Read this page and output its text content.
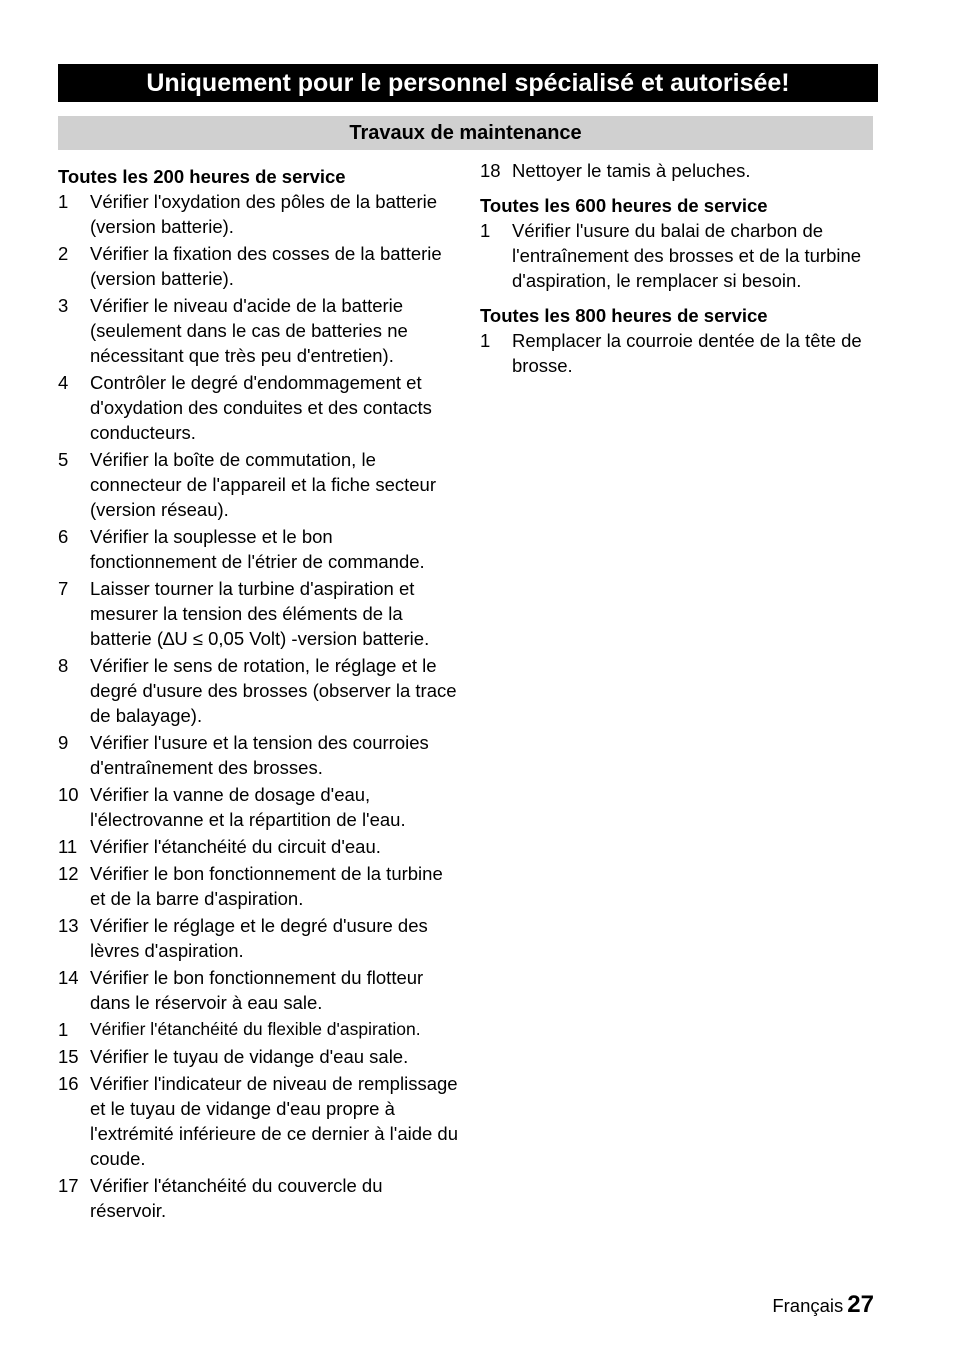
Uniquement pour le personnel spécialisé et autorisée!
Travaux de maintenance

Toutes les 200 heures de service

1	Vérifier l'oxydation des pôles de la batterie (version batterie).
2	Vérifier la fixation des cosses de la batterie (version batterie).
3	Vérifier le niveau d'acide de la batterie (seulement dans le cas de batteries ne nécessitant que très peu d'entretien).
4	Contrôler le degré d'endommagement et d'oxydation des conduites et des contacts conducteurs.
5	Vérifier la boîte de commutation, le connecteur de l'appareil et la fiche secteur (version réseau).
6	Vérifier la souplesse et le bon fonctionnement de l'étrier de commande.
7	Laisser tourner la turbine d'aspiration et mesurer la tension des éléments de la batterie (∆U ≤ 0,05 Volt) -version batterie.
8	Vérifier le sens de rotation, le réglage et le degré d'usure des brosses (observer la trace de balayage).
9	Vérifier l'usure et la tension des courroies d'entraînement des brosses.
10 Vérifier la vanne de dosage d'eau, l'électrovanne et la répartition de l'eau.
11 Vérifier l'étanchéité du circuit d'eau.
12 Vérifier le bon fonctionnement de la turbine et de la barre d'aspiration.
13 Vérifier le réglage et le degré d'usure des lèvres d'aspiration.
14 Vérifier le bon fonctionnement du flotteur dans le réservoir à eau sale.
1	Vérifier l'étanchéité du flexible d'aspiration.
15 Vérifier le tuyau de vidange d'eau sale.
16 Vérifier l'indicateur de niveau de remplissage et le tuyau de vidange d'eau propre à l'extrémité inférieure de ce dernier à l'aide du coude.
17 Vérifier l'étanchéité du couvercle du réservoir.
18 Nettoyer le tamis à peluches.

Toutes les 600 heures de service

1	Vérifier l'usure du balai de charbon de l'entraînement des brosses et de la turbine d'aspiration, le remplacer si besoin.

Toutes les 800 heures de service

1	Remplacer la courroie dentée de la tête de brosse.
Français 27
